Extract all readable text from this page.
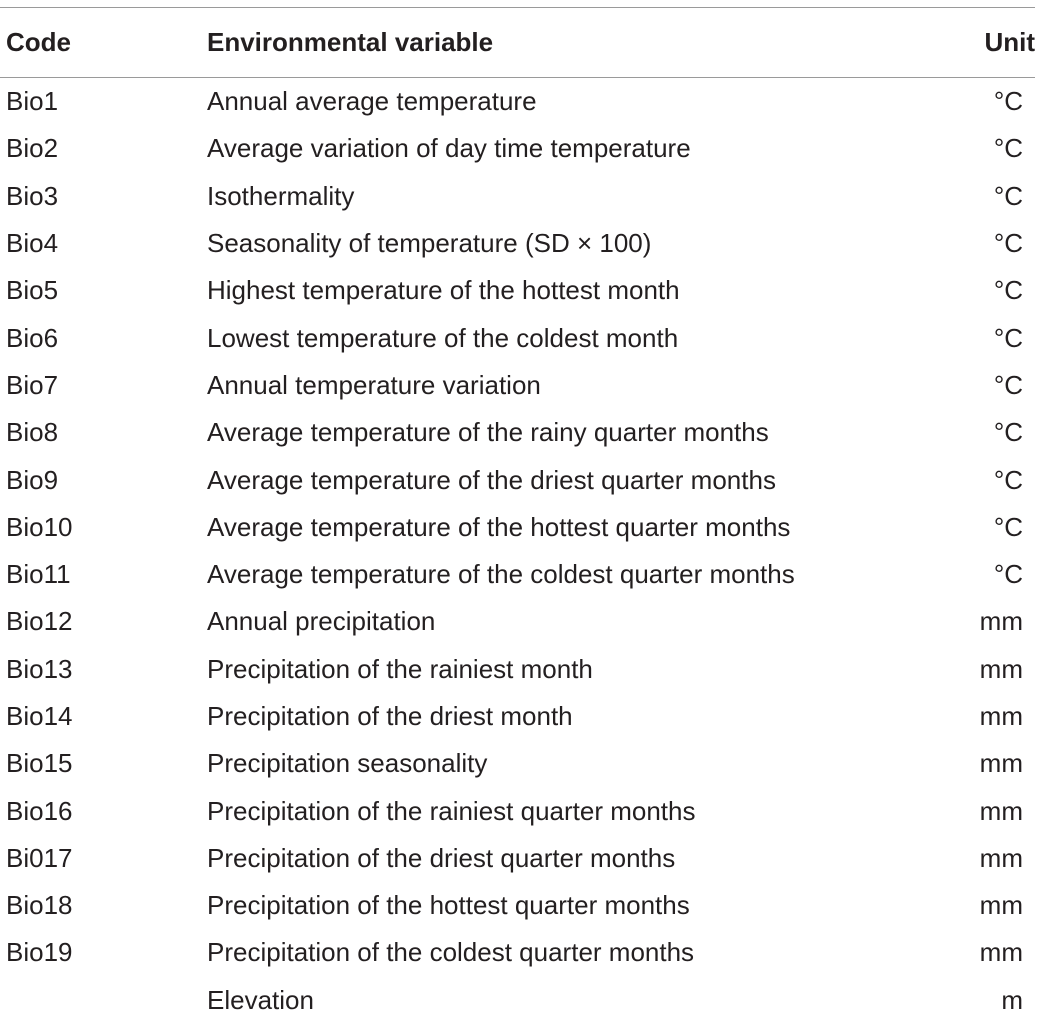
Code	Environmental variable	Unit
Bio1	Annual average temperature	°C
Bio2	Average variation of day time temperature	°C
Bio3	Isothermality	°C
Bio4	Seasonality of temperature (SD × 100)	°C
Bio5	Highest temperature of the hottest month	°C
Bio6	Lowest temperature of the coldest month	°C
Bio7	Annual temperature variation	°C
Bio8	Average temperature of the rainy quarter months	°C
Bio9	Average temperature of the driest quarter months	°C
Bio10	Average temperature of the hottest quarter months	°C
Bio11	Average temperature of the coldest quarter months	°C
Bio12	Annual precipitation	mm
Bio13	Precipitation of the rainiest month	mm
Bio14	Precipitation of the driest month	mm
Bio15	Precipitation seasonality	mm
Bio16	Precipitation of the rainiest quarter months	mm
Bi017	Precipitation of the driest quarter months	mm
Bio18	Precipitation of the hottest quarter months	mm
Bio19	Precipitation of the coldest quarter months	mm
	Elevation	m
